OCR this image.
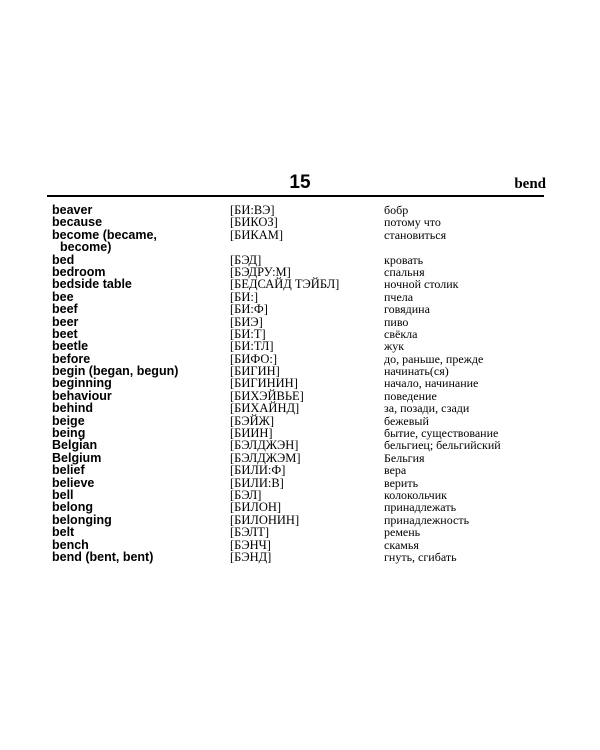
15	bend
beaver	[БИ:ВЭ]	бобр
because	[БИКОЗ]	потому что
become (became,
become)
[БИКАМ]	становиться
bed	[БЭД]	кровать
bedroom	[БЭДРУ:М]	спальня
bedside table	[БЕДСАЙД ТЭЙБЛ]	ночной столик
bee	[БИ:]	пчела
beef	[БИ:Ф]	говядина
beer	[БИЭ]	пиво
beet	[БИ:Т]	свёкла
beetle	[БИ:ТЛ]	жук
before	[БИФО:]	до, раньше, прежде
begin (began, begun)	[БИГИН]	начинать(ся)
beginning	[БИГИНИН]	начало, начинание
behaviour	[БИХЭЙВЬЕ]	поведение
behind	[БИХАЙНД]	за, позади, сзади
beige	[БЭЙЖ]	бежевый
being	[БИИН]	бытие, существование
Belgian	[БЭЛДЖЭН]	бельгиец; бельгийский
Belgium	[БЭЛДЖЭМ]	Бельгия
belief	[БИЛИ:Ф]	вера
believe	[БИЛИ:В]	верить
bell	[БЭЛ]	колокольчик
belong	[БИЛОН]	принадлежать
belonging	[БИЛОНИН]	принадлежность
belt	[БЭЛТ]	ремень
bench	[БЭНЧ]	скамья
bend (bent, bent)	[БЭНД]	гнуть, сгибать
